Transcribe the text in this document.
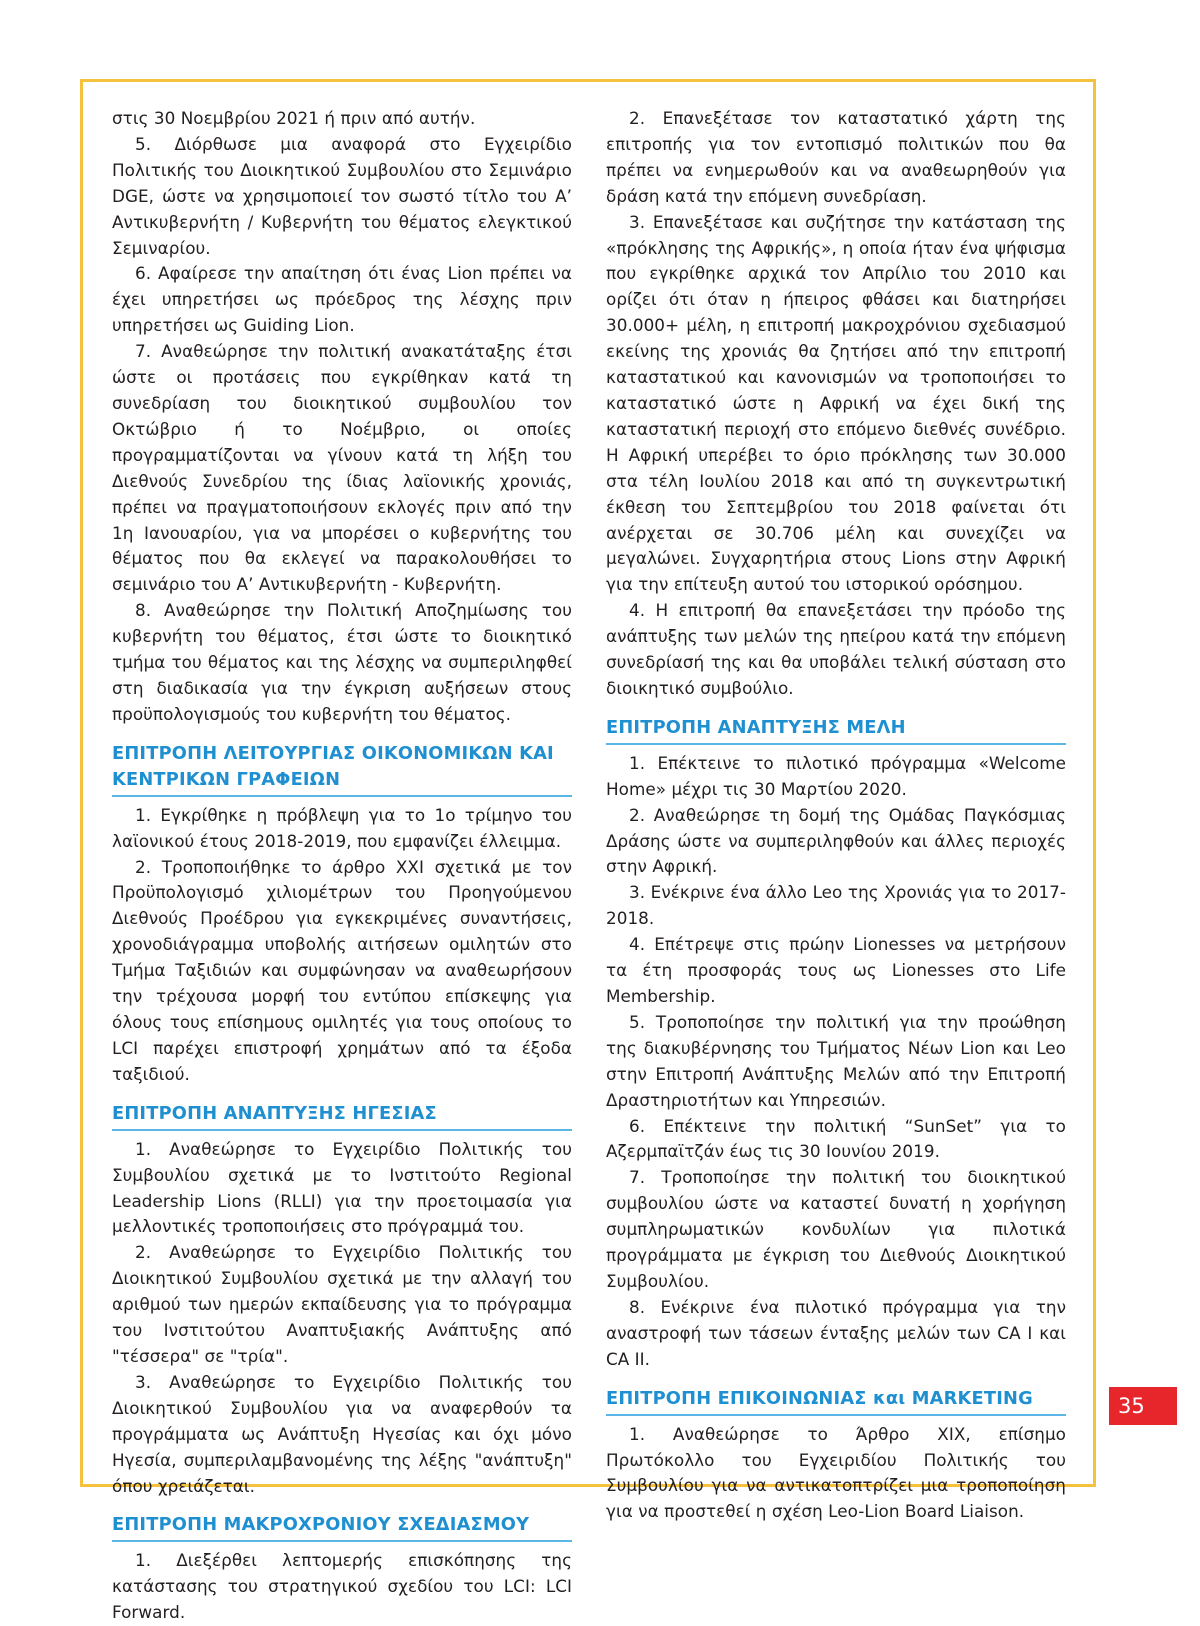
στις 30 Νοεμβρίου 2021 ή πριν από αυτήν.

5. Διόρθωσε μια αναφορά στο Εγχειρίδιο Πολιτικής του Διοικητικού Συμβουλίου στο Σεμινάριο DGE, ώστε να χρησιμοποιεί τον σωστό τίτλο του Α’ Αντικυβερνήτη / Κυβερνήτη του θέματος ελεγκτικού Σεμιναρίου.

6. Αφαίρεσε την απαίτηση ότι ένας Lion πρέπει να έχει υπηρετήσει ως πρόεδρος της λέσχης πριν υπηρετήσει ως Guiding Lion.

7. Αναθεώρησε την πολιτική ανακατάταξης έτσι ώστε οι προτάσεις που εγκρίθηκαν κατά τη συνεδρίαση του διοικητικού συμβουλίου τον Οκτώβριο ή το Νοέμβριο, οι οποίες προγραμματίζονται να γίνουν κατά τη λήξη του Διεθνούς Συνεδρίου της ίδιας λαϊονικής χρονιάς, πρέπει να πραγματοποιήσουν εκλογές πριν από την 1η Ιανουαρίου, για να μπορέσει ο κυβερνήτης του θέματος που θα εκλεγεί να παρακολουθήσει το σεμινάριο του Α’ Αντικυβερνήτη - Κυβερνήτη.

8. Αναθεώρησε την Πολιτική Αποζημίωσης του κυβερνήτη του θέματος, έτσι ώστε το διοικητικό τμήμα του θέματος και της λέσχης να συμπεριληφθεί στη διαδικασία για την έγκριση αυξήσεων στους προϋπολογισμούς του κυβερνήτη του θέματος.

ΕΠΙΤΡΟΠΗ ΛΕΙΤΟΥΡΓΙΑΣ ΟΙΚΟΝΟΜΙΚΩΝ ΚΑΙ ΚΕΝΤΡΙΚΩΝ ΓΡΑΦΕΙΩΝ

1. Εγκρίθηκε η πρόβλεψη για το 1ο τρίμηνο του λαϊονικού έτους 2018-2019, που εμφανίζει έλλειμμα.

2. Τροποποιήθηκε το άρθρο XXI σχετικά με τον Προϋπολογισμό χιλιομέτρων του Προηγούμενου Διεθνούς Προέδρου για εγκεκριμένες συναντήσεις, χρονοδιάγραμμα υποβολής αιτήσεων ομιλητών στο Τμήμα Ταξιδιών και συμφώνησαν να αναθεωρήσουν την τρέχουσα μορφή του εντύπου επίσκεψης για όλους τους επίσημους ομιλητές για τους οποίους το LCI παρέχει επιστροφή χρημάτων από τα έξοδα ταξιδιού.

ΕΠΙΤΡΟΠΗ ΑΝΑΠΤΥΞΗΣ ΗΓΕΣΙΑΣ

1. Αναθεώρησε το Εγχειρίδιο Πολιτικής του Συμβουλίου σχετικά με το Ινστιτούτο Regional Leadership Lions (RLLI) για την προετοιμασία για μελλοντικές τροποποιήσεις στο πρόγραμμά του.

2. Αναθεώρησε το Εγχειρίδιο Πολιτικής του Διοικητικού Συμβουλίου σχετικά με την αλλαγή του αριθμού των ημερών εκπαίδευσης για το πρόγραμμα του Ινστιτούτου Αναπτυξιακής Ανάπτυξης από "τέσσερα" σε "τρία".

3. Αναθεώρησε το Εγχειρίδιο Πολιτικής του Διοικητικού Συμβουλίου για να αναφερθούν τα προγράμματα ως Ανάπτυξη Ηγεσίας και όχι μόνο Ηγεσία, συμπεριλαμβανομένης της λέξης "ανάπτυξη" όπου χρειάζεται.

ΕΠΙΤΡΟΠΗ ΜΑΚΡΟΧΡΟΝΙΟΥ ΣΧΕΔΙΑΣΜΟΥ

1. Διεξέρθει λεπτομερής επισκόπησης της κατάστασης του στρατηγικού σχεδίου του LCI: LCI Forward.

2. Επανεξέτασε τον καταστατικό χάρτη της επιτροπής για τον εντοπισμό πολιτικών που θα πρέπει να ενημερωθούν και να αναθεωρηθούν για δράση κατά την επόμενη συνεδρίαση.

3. Επανεξέτασε και συζήτησε την κατάσταση της «πρόκλησης της Αφρικής», η οποία ήταν ένα ψήφισμα που εγκρίθηκε αρχικά τον Απρίλιο του 2010 και ορίζει ότι όταν η ήπειρος φθάσει και διατηρήσει 30.000+ μέλη, η επιτροπή μακροχρόνιου σχεδιασμού εκείνης της χρονιάς θα ζητήσει από την επιτροπή καταστατικού και κανονισμών να τροποποιήσει το καταστατικό ώστε η Αφρική να έχει δική της καταστατική περιοχή στο επόμενο διεθνές συνέδριο. Η Αφρική υπερέβει το όριο πρόκλησης των 30.000 στα τέλη Ιουλίου 2018 και από τη συγκεντρωτική έκθεση του Σεπτεμβρίου του 2018 φαίνεται ότι ανέρχεται σε 30.706 μέλη και συνεχίζει να μεγαλώνει. Συγχαρητήρια στους Lions στην Αφρική για την επίτευξη αυτού του ιστορικού ορόσημου.

4. Η επιτροπή θα επανεξετάσει την πρόοδο της ανάπτυξης των μελών της ηπείρου κατά την επόμενη συνεδρίασή της και θα υποβάλει τελική σύσταση στο διοικητικό συμβούλιο.

ΕΠΙΤΡΟΠΗ ΑΝΑΠΤΥΞΗΣ ΜΕΛΗ

1. Επέκτεινε το πιλοτικό πρόγραμμα «Welcome Home» μέχρι τις 30 Μαρτίου 2020.

2. Αναθεώρησε τη δομή της Ομάδας Παγκόσμιας Δράσης ώστε να συμπεριληφθούν και άλλες περιοχές στην Αφρική.

3. Ενέκρινε ένα άλλο Leo της Χρονιάς για το 2017-2018.

4. Επέτρεψε στις πρώην Lionesses να μετρήσουν τα έτη προσφοράς τους ως Lionesses στο Life Membership.

5. Τροποποίησε την πολιτική για την προώθηση της διακυβέρνησης του Τμήματος Νέων Lion και Leo στην Επιτροπή Ανάπτυξης Μελών από την Επιτροπή Δραστηριοτήτων και Υπηρεσιών.

6. Επέκτεινε την πολιτική “SunSet” για το Αζερμπαϊτζάν έως τις 30 Ιουνίου 2019.

7. Τροποποίησε την πολιτική του διοικητικού συμβουλίου ώστε να καταστεί δυνατή η χορήγηση συμπληρωματικών κονδυλίων για πιλοτικά προγράμματα με έγκριση του Διεθνούς Διοικητικού Συμβουλίου.

8. Ενέκρινε ένα πιλοτικό πρόγραμμα για την αναστροφή των τάσεων ένταξης μελών των CA I και CA II.

ΕΠΙΤΡΟΠΗ ΕΠΙΚΟΙΝΩΝΙΑΣ και MARKETING

1. Αναθεώρησε το Άρθρο XIX, επίσημο Πρωτόκολλο του Εγχειριδίου Πολιτικής του Συμβουλίου για να αντικατοπτρίζει μια τροποποίηση για να προστεθεί η σχέση Leo-Lion Board Liaison.

35
